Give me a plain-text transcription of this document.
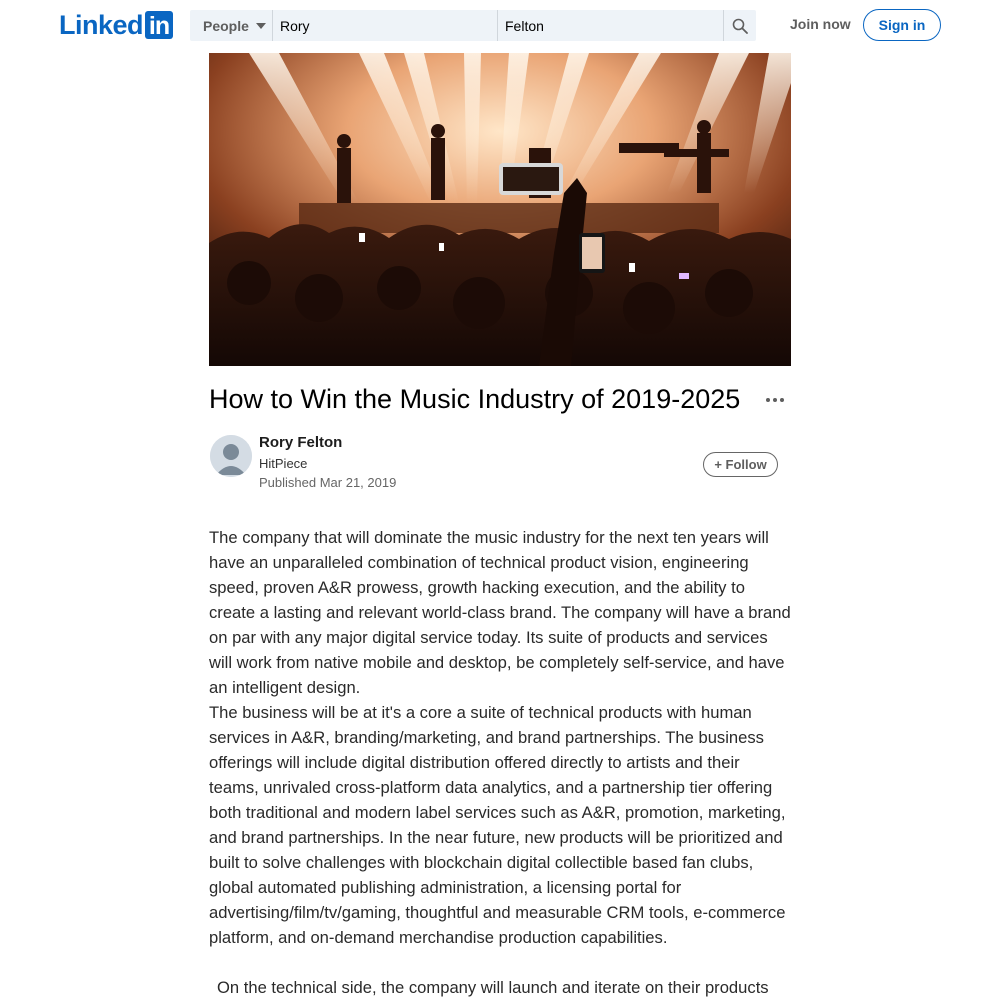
Linked in People
Rory
Felton	Join now	Sign in
How to Win the Music Industry of 2019-2025
Rory Felton
HitPiece
Published Mar 21, 2019
+ Follow

The company that will dominate the music industry for the next ten years will have an unparalleled combination of technical product vision, engineering speed, proven A&R prowess, growth hacking execution, and the ability to create a lasting and relevant world-class brand. The company will have a brand on par with any major digital service today. Its suite of products and services will work from native mobile and desktop, be completely self-service, and have an intelligent design.

The business will be at it's a core a suite of technical products with human services in A&R, branding/marketing, and brand partnerships. The business offerings will include digital distribution offered directly to artists and their teams, unrivaled cross-platform data analytics, and a partnership tier offering both traditional and modern label services such as A&R, promotion, marketing, and brand partnerships. In the near future, new products will be prioritized and built to solve challenges with blockchain digital collectible based fan clubs, global automated publishing administration, a licensing portal for advertising/film/tv/gaming, thoughtful and measurable CRM tools, e-commerce platform, and on-demand merchandise production capabilities.

On the technical side, the company will launch and iterate on their products
